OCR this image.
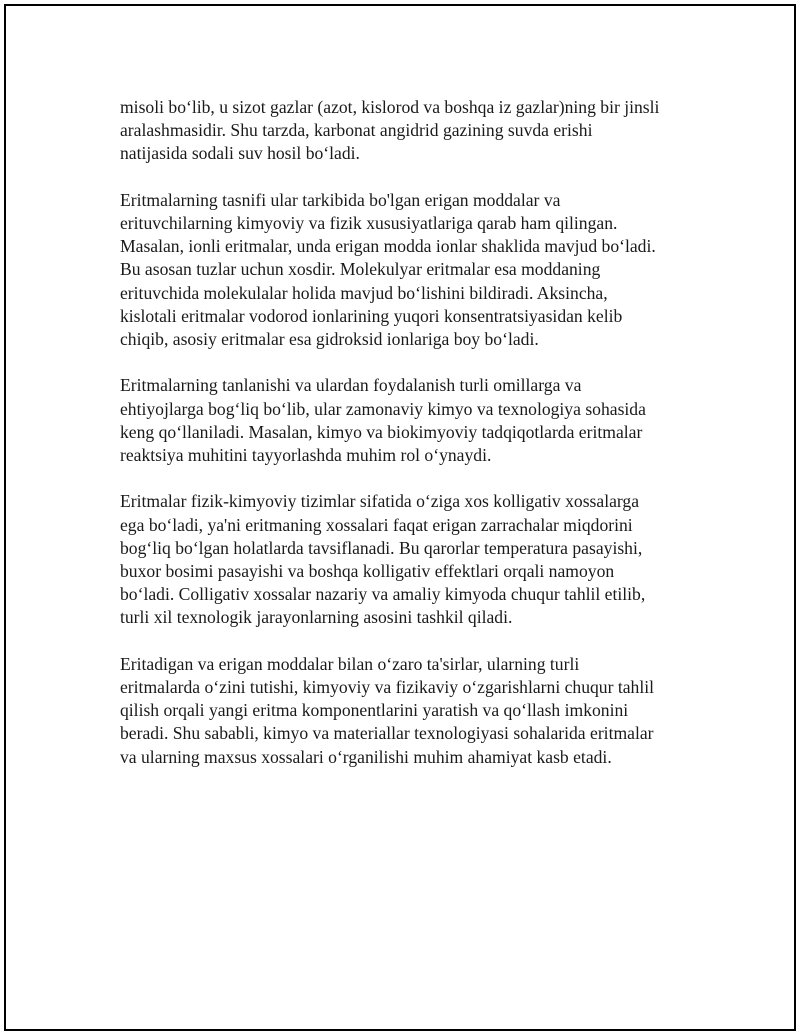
misoli boʻlib, u sizot gazlar (azot, kislorod va boshqa iz gazlar)ning bir jinsli
aralashmasidir. Shu tarzda, karbonat angidrid gazining suvda erishi
natijasida sodali suv hosil boʻladi.

Eritmalarning tasnifi ular tarkibida bo'lgan erigan moddalar va
erituvchilarning kimyoviy va fizik xususiyatlariga qarab ham qilingan.
Masalan, ionli eritmalar, unda erigan modda ionlar shaklida mavjud boʻladi.
Bu asosan tuzlar uchun xosdir. Molekulyar eritmalar esa moddaning
erituvchida molekulalar holida mavjud boʻlishini bildiradi. Aksincha,
kislotali eritmalar vodorod ionlarining yuqori konsentratsiyasidan kelib
chiqib, asosiy eritmalar esa gidroksid ionlariga boy boʻladi.

Eritmalarning tanlanishi va ulardan foydalanish turli omillarga va
ehtiyojlarga bogʻliq boʻlib, ular zamonaviy kimyo va texnologiya sohasida
keng qoʻllaniladi. Masalan, kimyo va biokimyoviy tadqiqotlarda eritmalar
reaktsiya muhitini tayyorlashda muhim rol oʻynaydi.

Eritmalar fizik-kimyoviy tizimlar sifatida oʻziga xos kolligativ xossalarga
ega boʻladi, ya'ni eritmaning xossalari faqat erigan zarrachalar miqdorini
bogʻliq boʻlgan holatlarda tavsiflanadi. Bu qarorlar temperatura pasayishi,
buxor bosimi pasayishi va boshqa kolligativ effektlari orqali namoyon
boʻladi. Colligativ xossalar nazariy va amaliy kimyoda chuqur tahlil etilib,
turli xil texnologik jarayonlarning asosini tashkil qiladi.

Eritadigan va erigan moddalar bilan oʻzaro ta'sirlar, ularning turli
eritmalarda oʻzini tutishi, kimyoviy va fizikaviy oʻzgarishlarni chuqur tahlil
qilish orqali yangi eritma komponentlarini yaratish va qoʻllash imkonini
beradi. Shu sababli, kimyo va materiallar texnologiyasi sohalarida eritmalar
va ularning maxsus xossalari oʻrganilishi muhim ahamiyat kasb etadi.
